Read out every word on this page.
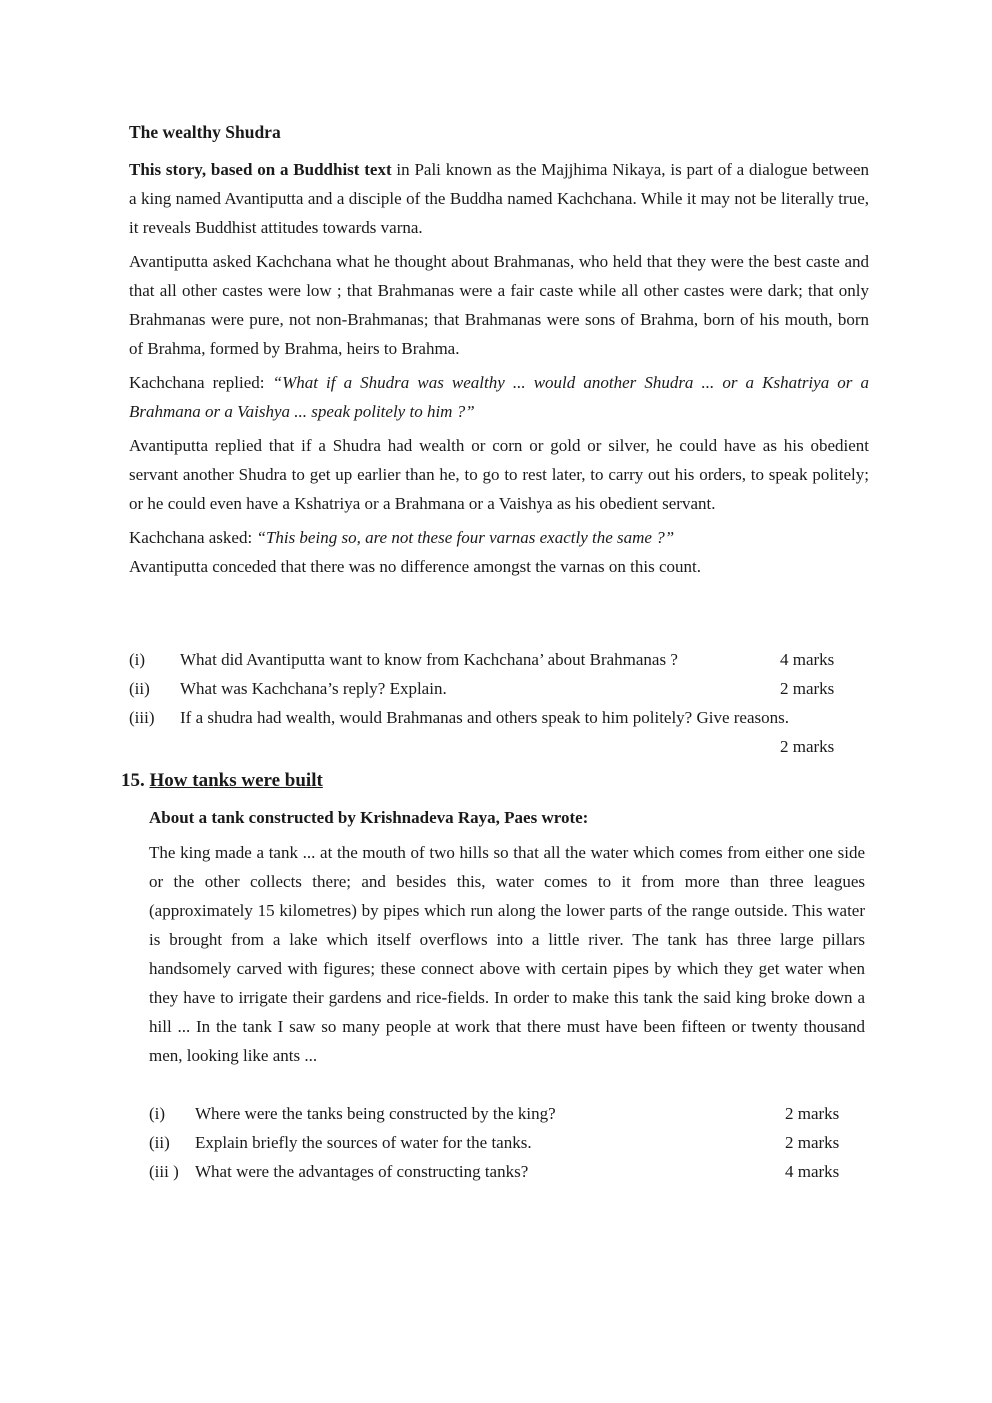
The wealthy Shudra

This story, based on a Buddhist text in Pali known as the Majjhima Nikaya, is part of a dialogue between a king named Avantiputta and a disciple of the Buddha named Kachchana. While it may not be literally true, it reveals Buddhist attitudes towards varna.

Avantiputta asked Kachchana what he thought about Brahmanas, who held that they were the best caste and that all other castes were low ; that Brahmanas were a fair caste while all other castes were dark; that only Brahmanas were pure, not non-Brahmanas; that Brahmanas were sons of Brahma, born of his mouth, born of Brahma, formed by Brahma, heirs to Brahma.

Kachchana replied: “What if a Shudra was wealthy ... would another Shudra ... or a Kshatriya or a Brahmana or a Vaishya ... speak politely to him ?”

Avantiputta replied that if a Shudra had wealth or corn or gold or silver, he could have as his obedient servant another Shudra to get up earlier than he, to go to rest later, to carry out his orders, to speak politely; or he could even have a Kshatriya or a Brahmana or a Vaishya as his obedient servant.

Kachchana asked: “This being so, are not these four varnas exactly the same ?”

Avantiputta conceded that there was no difference amongst the varnas on this count.

(i) What did Avantiputta want to know from Kachchana’ about Brahmanas ?	4 marks
(ii) What was Kachchana’s reply? Explain.	2 marks
(iii) If a shudra had wealth, would Brahmanas and others speak to him politely? Give reasons.
2 marks
15. How tanks were built
About a tank constructed by Krishnadeva Raya, Paes wrote:

The king made a tank ... at the mouth of two hills so that all the water which comes from either one side or the other collects there; and besides this, water comes to it from more than three leagues (approximately 15 kilometres) by pipes which run along the lower parts of the range outside. This water is brought from a lake which itself overflows into a little river. The tank has three large pillars handsomely carved with figures; these connect above with certain pipes by which they get water when they have to irrigate their gardens and rice-fields. In order to make this tank the said king broke down a hill ... In the tank I saw so many people at work that there must have been fifteen or twenty thousand men, looking like ants ...

(i) Where were the tanks being constructed by the king?	2 marks
(ii) Explain briefly the sources of water for the tanks.	2 marks
(iii ) What were the advantages of constructing tanks?	4 marks
